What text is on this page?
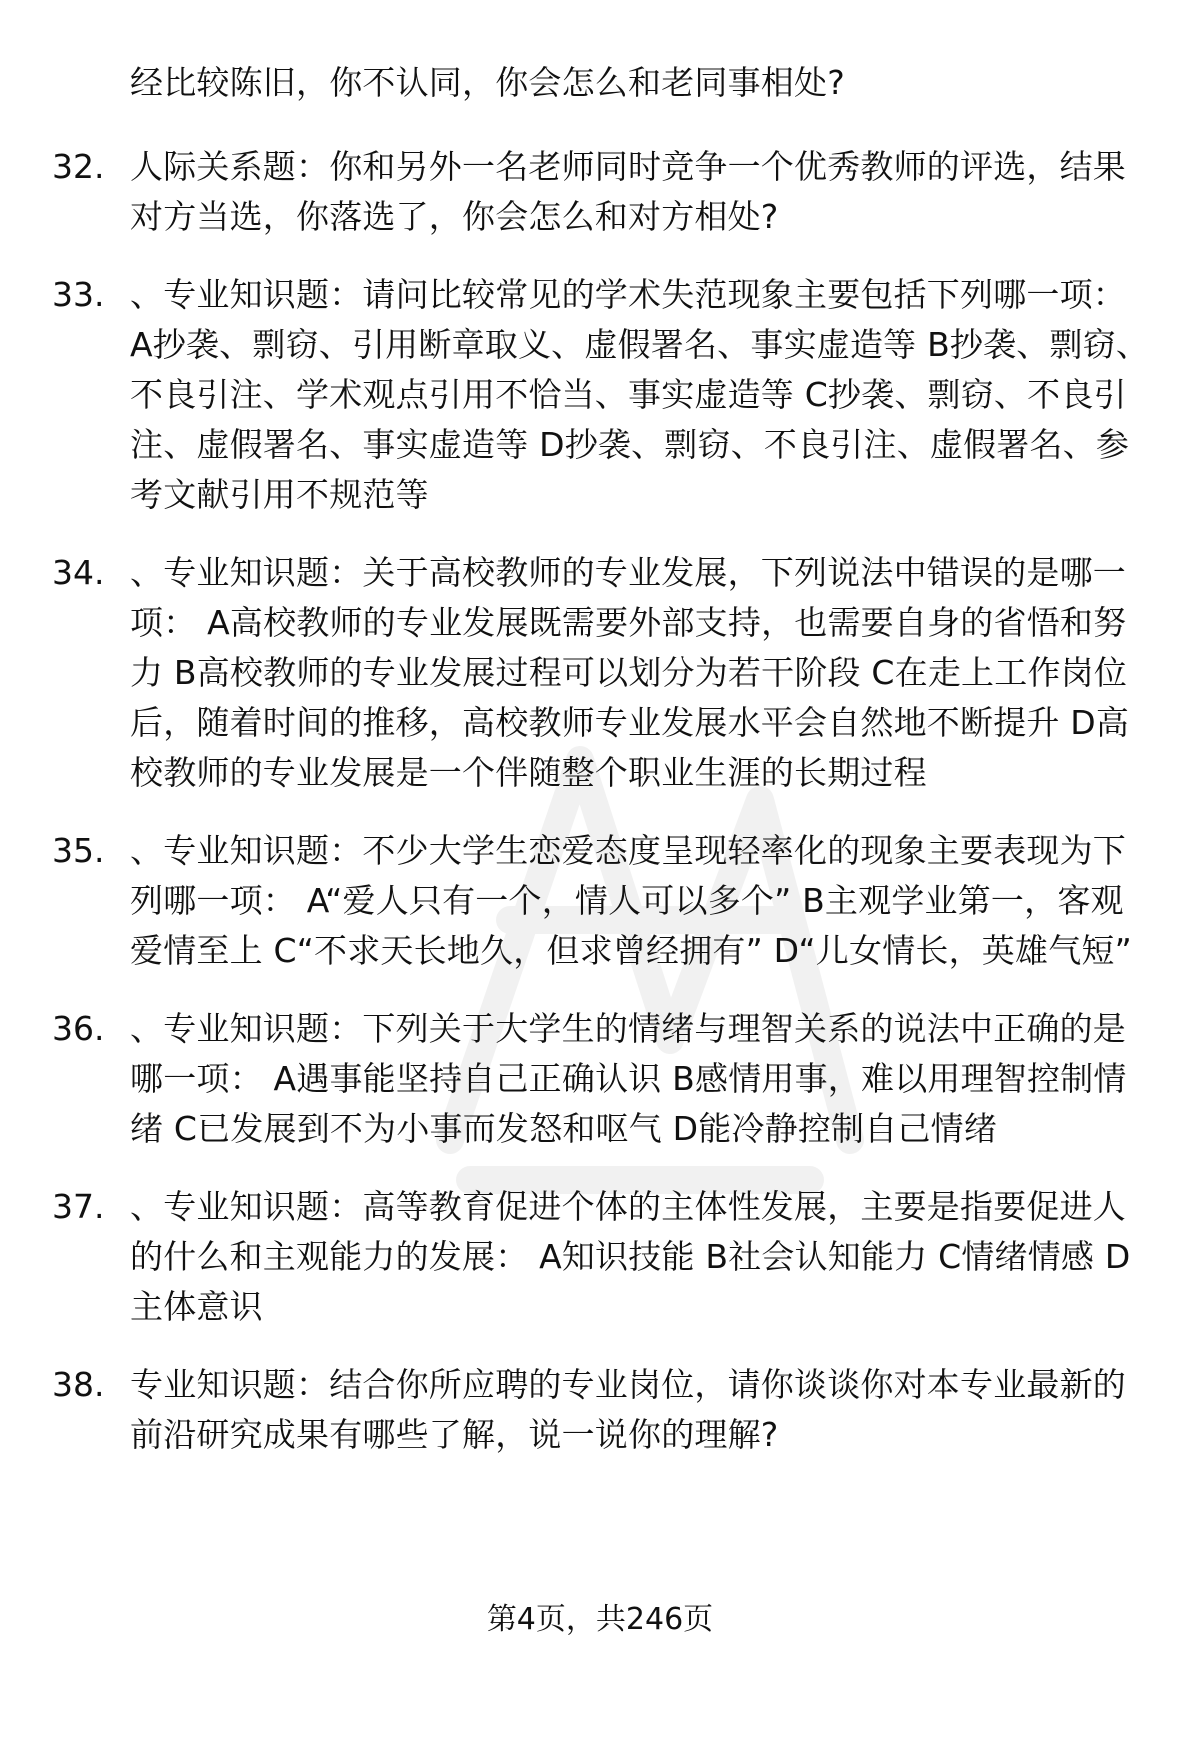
经比较陈旧，你不认同，你会怎么和老同事相处?
32. 人际关系题：你和另外一名老师同时竞争一个优秀教师的评选，结果对方当选，你落选了，你会怎么和对方相处?
33. 、专业知识题：请问比较常见的学术失范现象主要包括下列哪一项： A抄袭、剽窃、引用断章取义、虚假署名、事实虚造等 B抄袭、剽窃、不良引注、学术观点引用不恰当、事实虚造等 C抄袭、剽窃、不良引注、虚假署名、事实虚造等 D抄袭、剽窃、不良引注、虚假署名、参考文献引用不规范等
34. 、专业知识题：关于高校教师的专业发展，下列说法中错误的是哪一项： A高校教师的专业发展既需要外部支持，也需要自身的省悟和努力 B高校教师的专业发展过程可以划分为若干阶段 C在走上工作岗位后，随着时间的推移，高校教师专业发展水平会自然地不断提升 D高校教师的专业发展是一个伴随整个职业生涯的长期过程
35. 、专业知识题：不少大学生恋爱态度呈现轻率化的现象主要表现为下列哪一项： A“爱人只有一个，情人可以多个” B主观学业第一，客观爱情至上 C“不求天长地久，但求曾经拥有” D“儿女情长，英雄气短”
36. 、专业知识题：下列关于大学生的情绪与理智关系的说法中正确的是哪一项： A遇事能坚持自己正确认识 B感情用事，难以用理智控制情绪 C已发展到不为小事而发怒和呕气 D能冷静控制自己情绪
37. 、专业知识题：高等教育促进个体的主体性发展，主要是指要促进人的什么和主观能力的发展： A知识技能 B社会认知能力 C情绪情感 D主体意识
38. 专业知识题：结合你所应聘的专业岗位，请你谈谈你对本专业最新的前沿研究成果有哪些了解，说一说你的理解?
第4页，共246页
